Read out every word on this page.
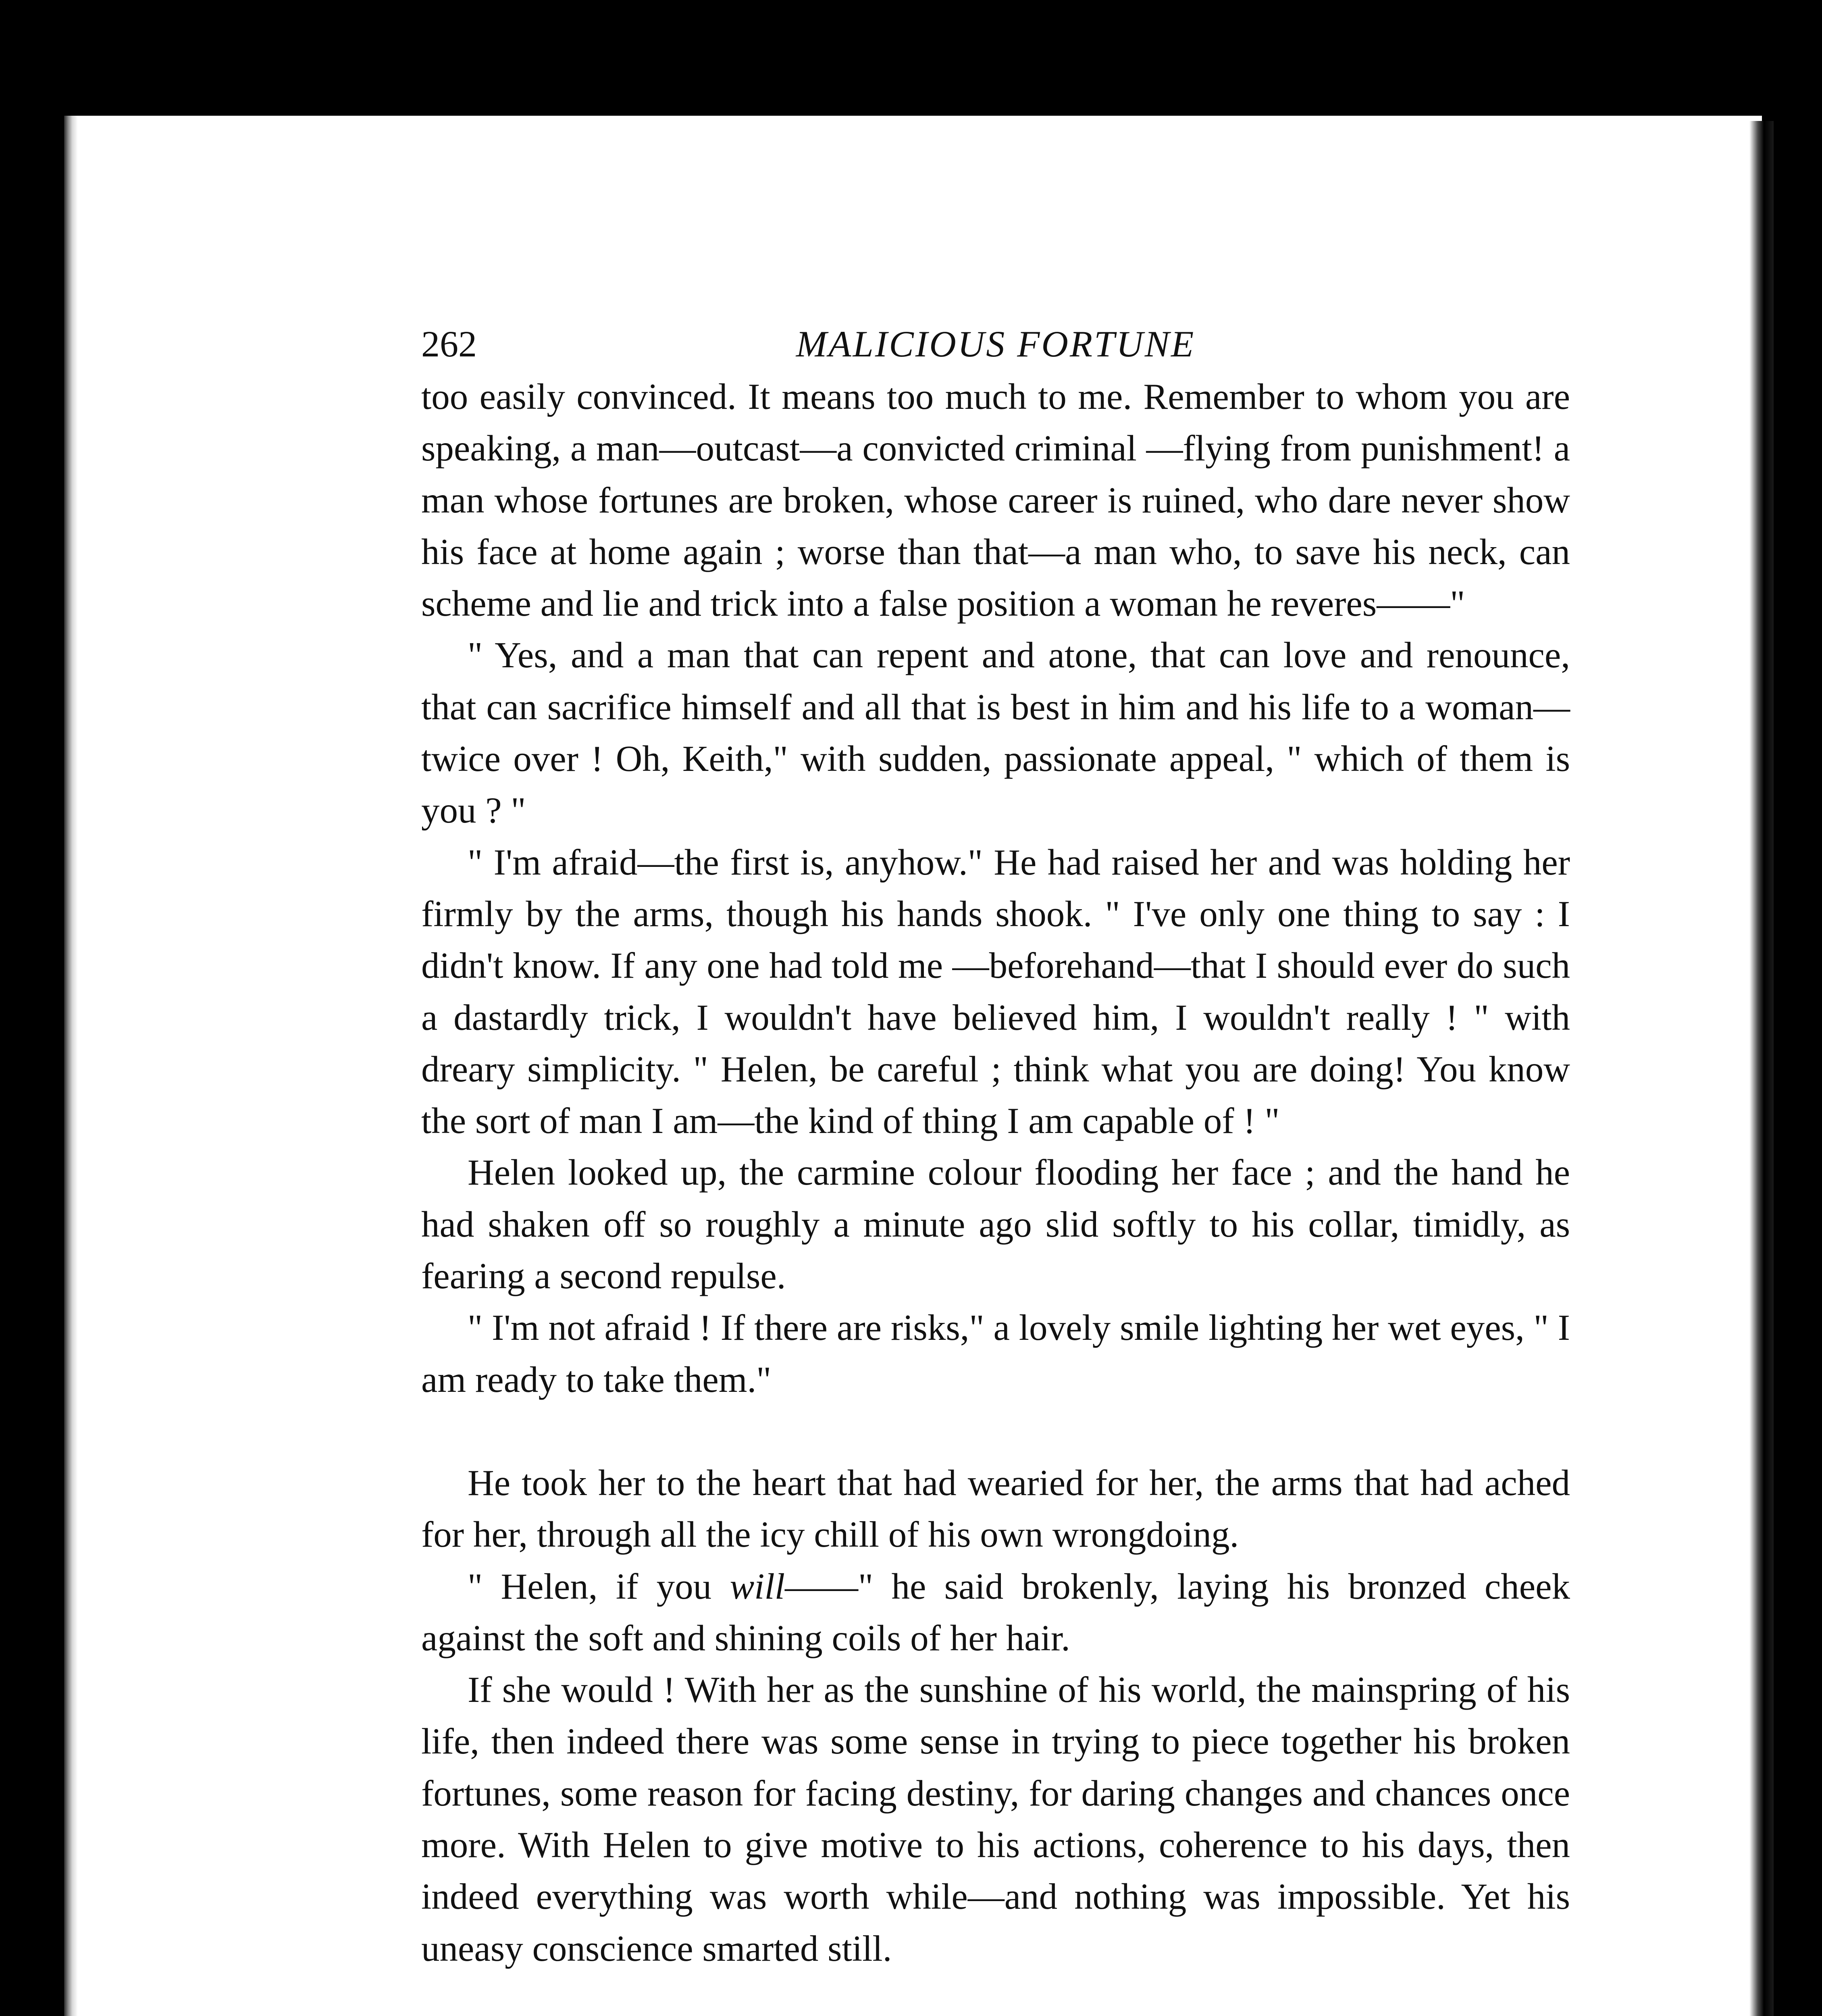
262	MALICIOUS FORTUNE

too easily convinced. It means too much to me. Remember to whom you are speaking, a man—outcast—a convicted criminal —flying from punishment! a man whose fortunes are broken, whose career is ruined, who dare never show his face at home again ; worse than that—a man who, to save his neck, can scheme and lie and trick into a false position a woman he reveres——"

" Yes, and a man that can repent and atone, that can love and renounce, that can sacrifice himself and all that is best in him and his life to a woman—twice over ! Oh, Keith," with sudden, passionate appeal, " which of them is you ? "

" I'm afraid—the first is, anyhow." He had raised her and was holding her firmly by the arms, though his hands shook. " I've only one thing to say : I didn't know. If any one had told me —beforehand—that I should ever do such a dastardly trick, I wouldn't have believed him, I wouldn't really ! " with dreary simplicity. " Helen, be careful ; think what you are doing! You know the sort of man I am—the kind of thing I am capable of ! "

Helen looked up, the carmine colour flooding her face ; and the hand he had shaken off so roughly a minute ago slid softly to his collar, timidly, as fearing a second repulse.

" I'm not afraid ! If there are risks," a lovely smile lighting her wet eyes, " I am ready to take them."

He took her to the heart that had wearied for her, the arms that had ached for her, through all the icy chill of his own wrongdoing.

" Helen, if you will——" he said brokenly, laying his bronzed cheek against the soft and shining coils of her hair.

If she would ! With her as the sunshine of his world, the mainspring of his life, then indeed there was some sense in trying to piece together his broken fortunes, some reason for facing destiny, for daring changes and chances once more. With Helen to give motive to his actions, coherence to his days, then indeed everything was worth while—and nothing was impossible. Yet his uneasy conscience smarted still.
